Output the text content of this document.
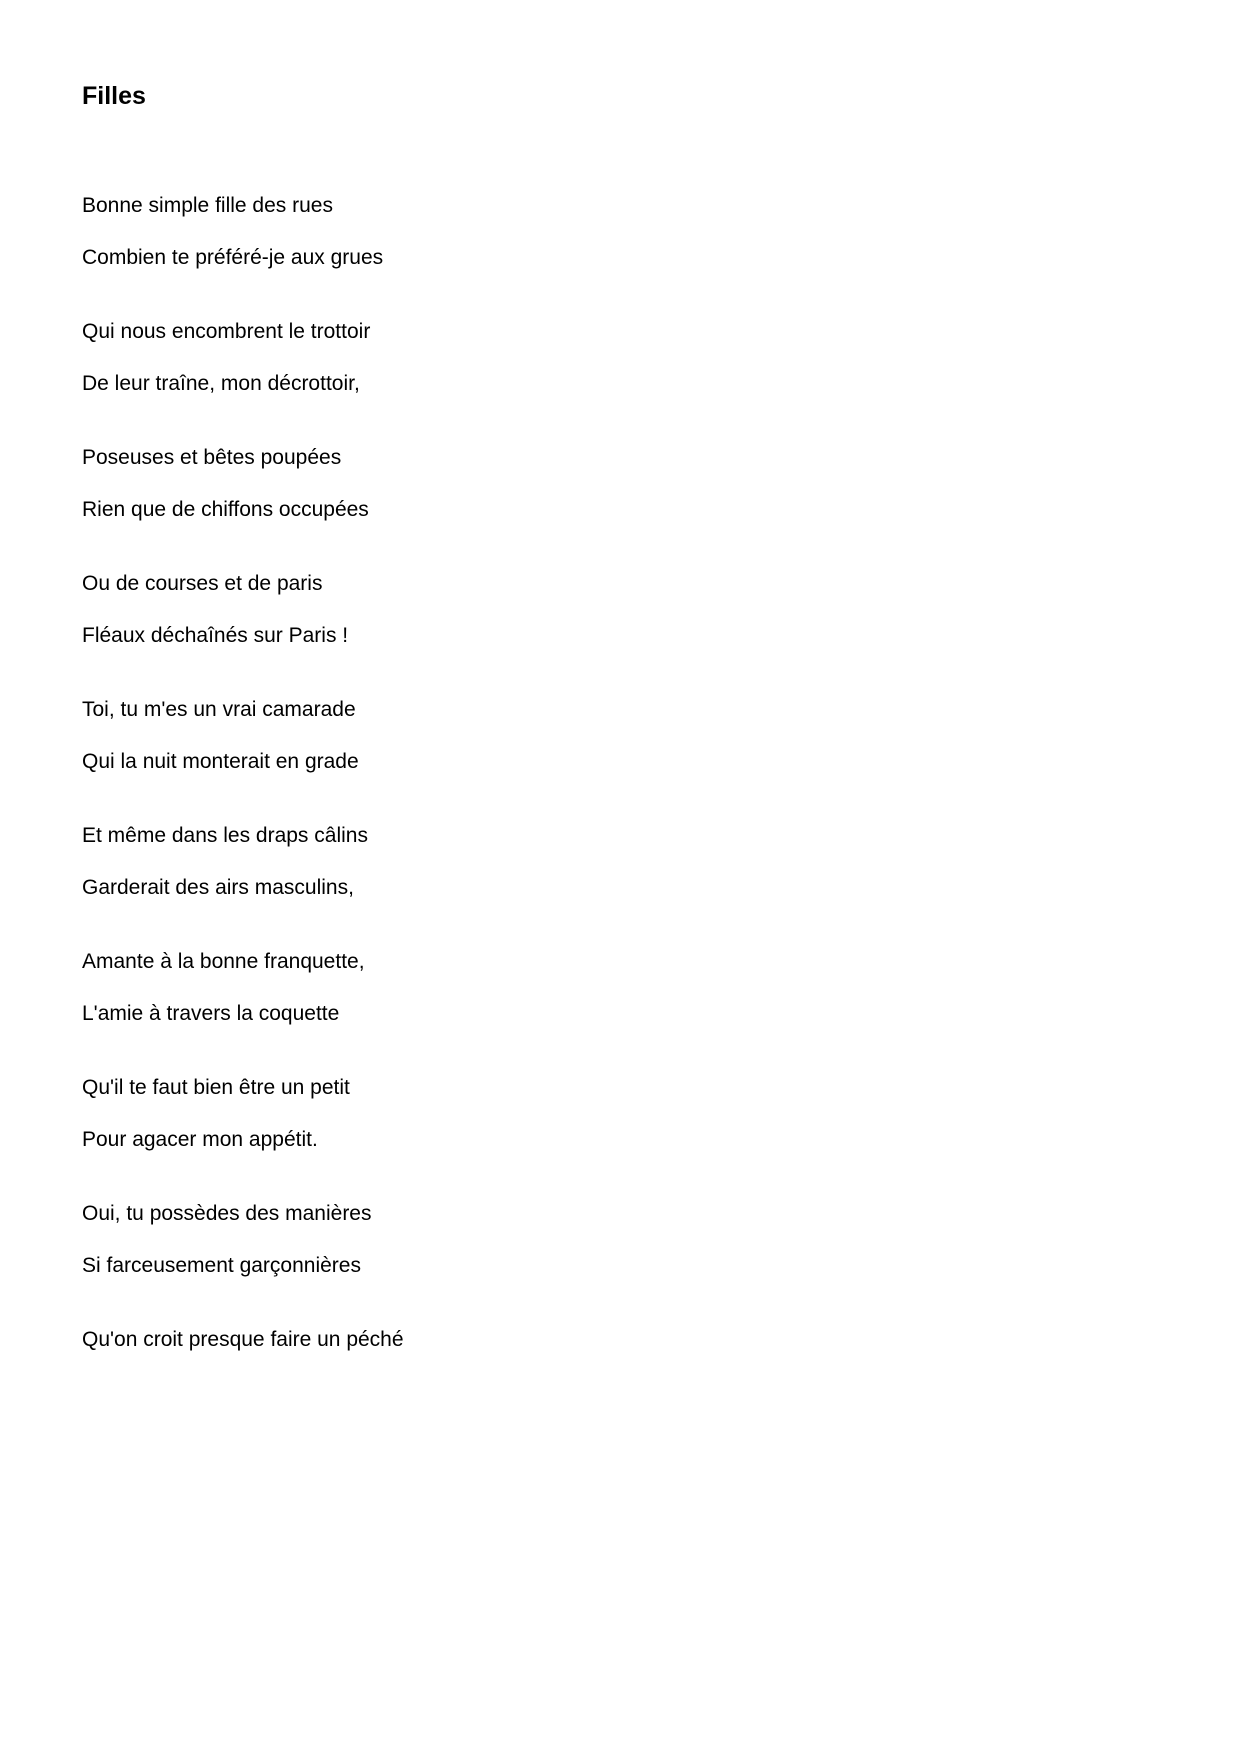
Filles
Bonne simple fille des rues
Combien te préféré-je aux grues
Qui nous encombrent le trottoir
De leur traîne, mon décrottoir,
Poseuses et bêtes poupées
Rien que de chiffons occupées
Ou de courses et de paris
Fléaux déchaînés sur Paris !
Toi, tu m'es un vrai camarade
Qui la nuit monterait en grade
Et même dans les draps câlins
Garderait des airs masculins,
Amante à la bonne franquette,
L'amie à travers la coquette
Qu'il te faut bien être un petit
Pour agacer mon appétit.
Oui, tu possèdes des manières
Si farceusement garçonnières
Qu'on croit presque faire un péché
